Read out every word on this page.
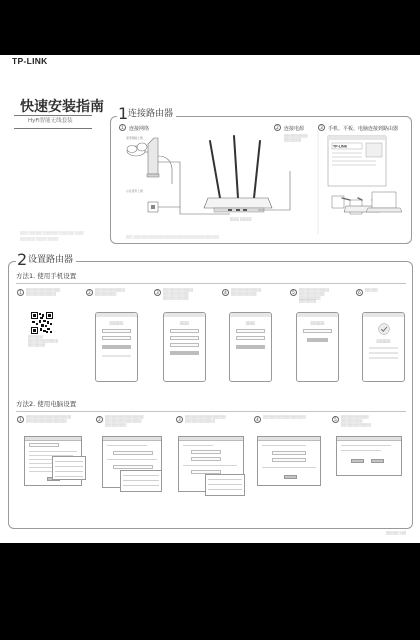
TP-LINK
快速安装指南
HyFi智能无线套装
░░░░ ░░░░░░ ░░░░░░░ ░░░░░░░ ░░░░
░░░░░░░ ░░░░░ ░░░░░
1 连接路由器
1	连接网络	2	连接电源	3	手机、平板、电脑连接到路由器
宽带网络上网
小区宽带上网
░░░░░░░░░░░
░░░░░░░░
░░░░ ░░░░░
TP-LINK
░░░ ░░░░░░░░░░░░░░░░░░░░░░░░░░░░░░░░░░░░░░░░
2 设置路由器
方法1. 使用手机设置
1	░░░░░░░░░░░░░░░░
░░░░░░░░░░░░░░	2	░░░░░░░░░░░░░░
░░░░░░░░░░	3	░░░░░░░░░░░░░░
░░░░░░░░░░░░
░░░░░░░░░░░░
4	░░░░░░░░░░░░░░
░░░░░░░░░░░░	5	░░░░░░░░░░░░░░
░░░░░░░░░░░░
░░░░░░░░░░
░░░░░░░░
6	░░░░░░
░░░░░░░
░░░░░░░░░░░░░░
░░░░░░░░
░░░░░░	░░░░	░░░░	░░░░░░
░░░░░░
方法2. 使用电脑设置
1	░░░░░░░░░░░░░░░░░░░░░
░░░░░░░░░░░░░░░░░░░	2	░░░░░░░░░░░░░░░░░░
░░░░░░░░░░░░░░░░░
░░░░░░░░░░
3	░░░░░░░░░░░░░░░░░░░
░░░░░░░░░░░░░░	4	░░░░░░░░░░░░░░░░░░░░	5	░░░░░░░░░░░░░
░░░░░░░░░░
░░░░░░░░░░░░░░
░░░░░░ ░░░
